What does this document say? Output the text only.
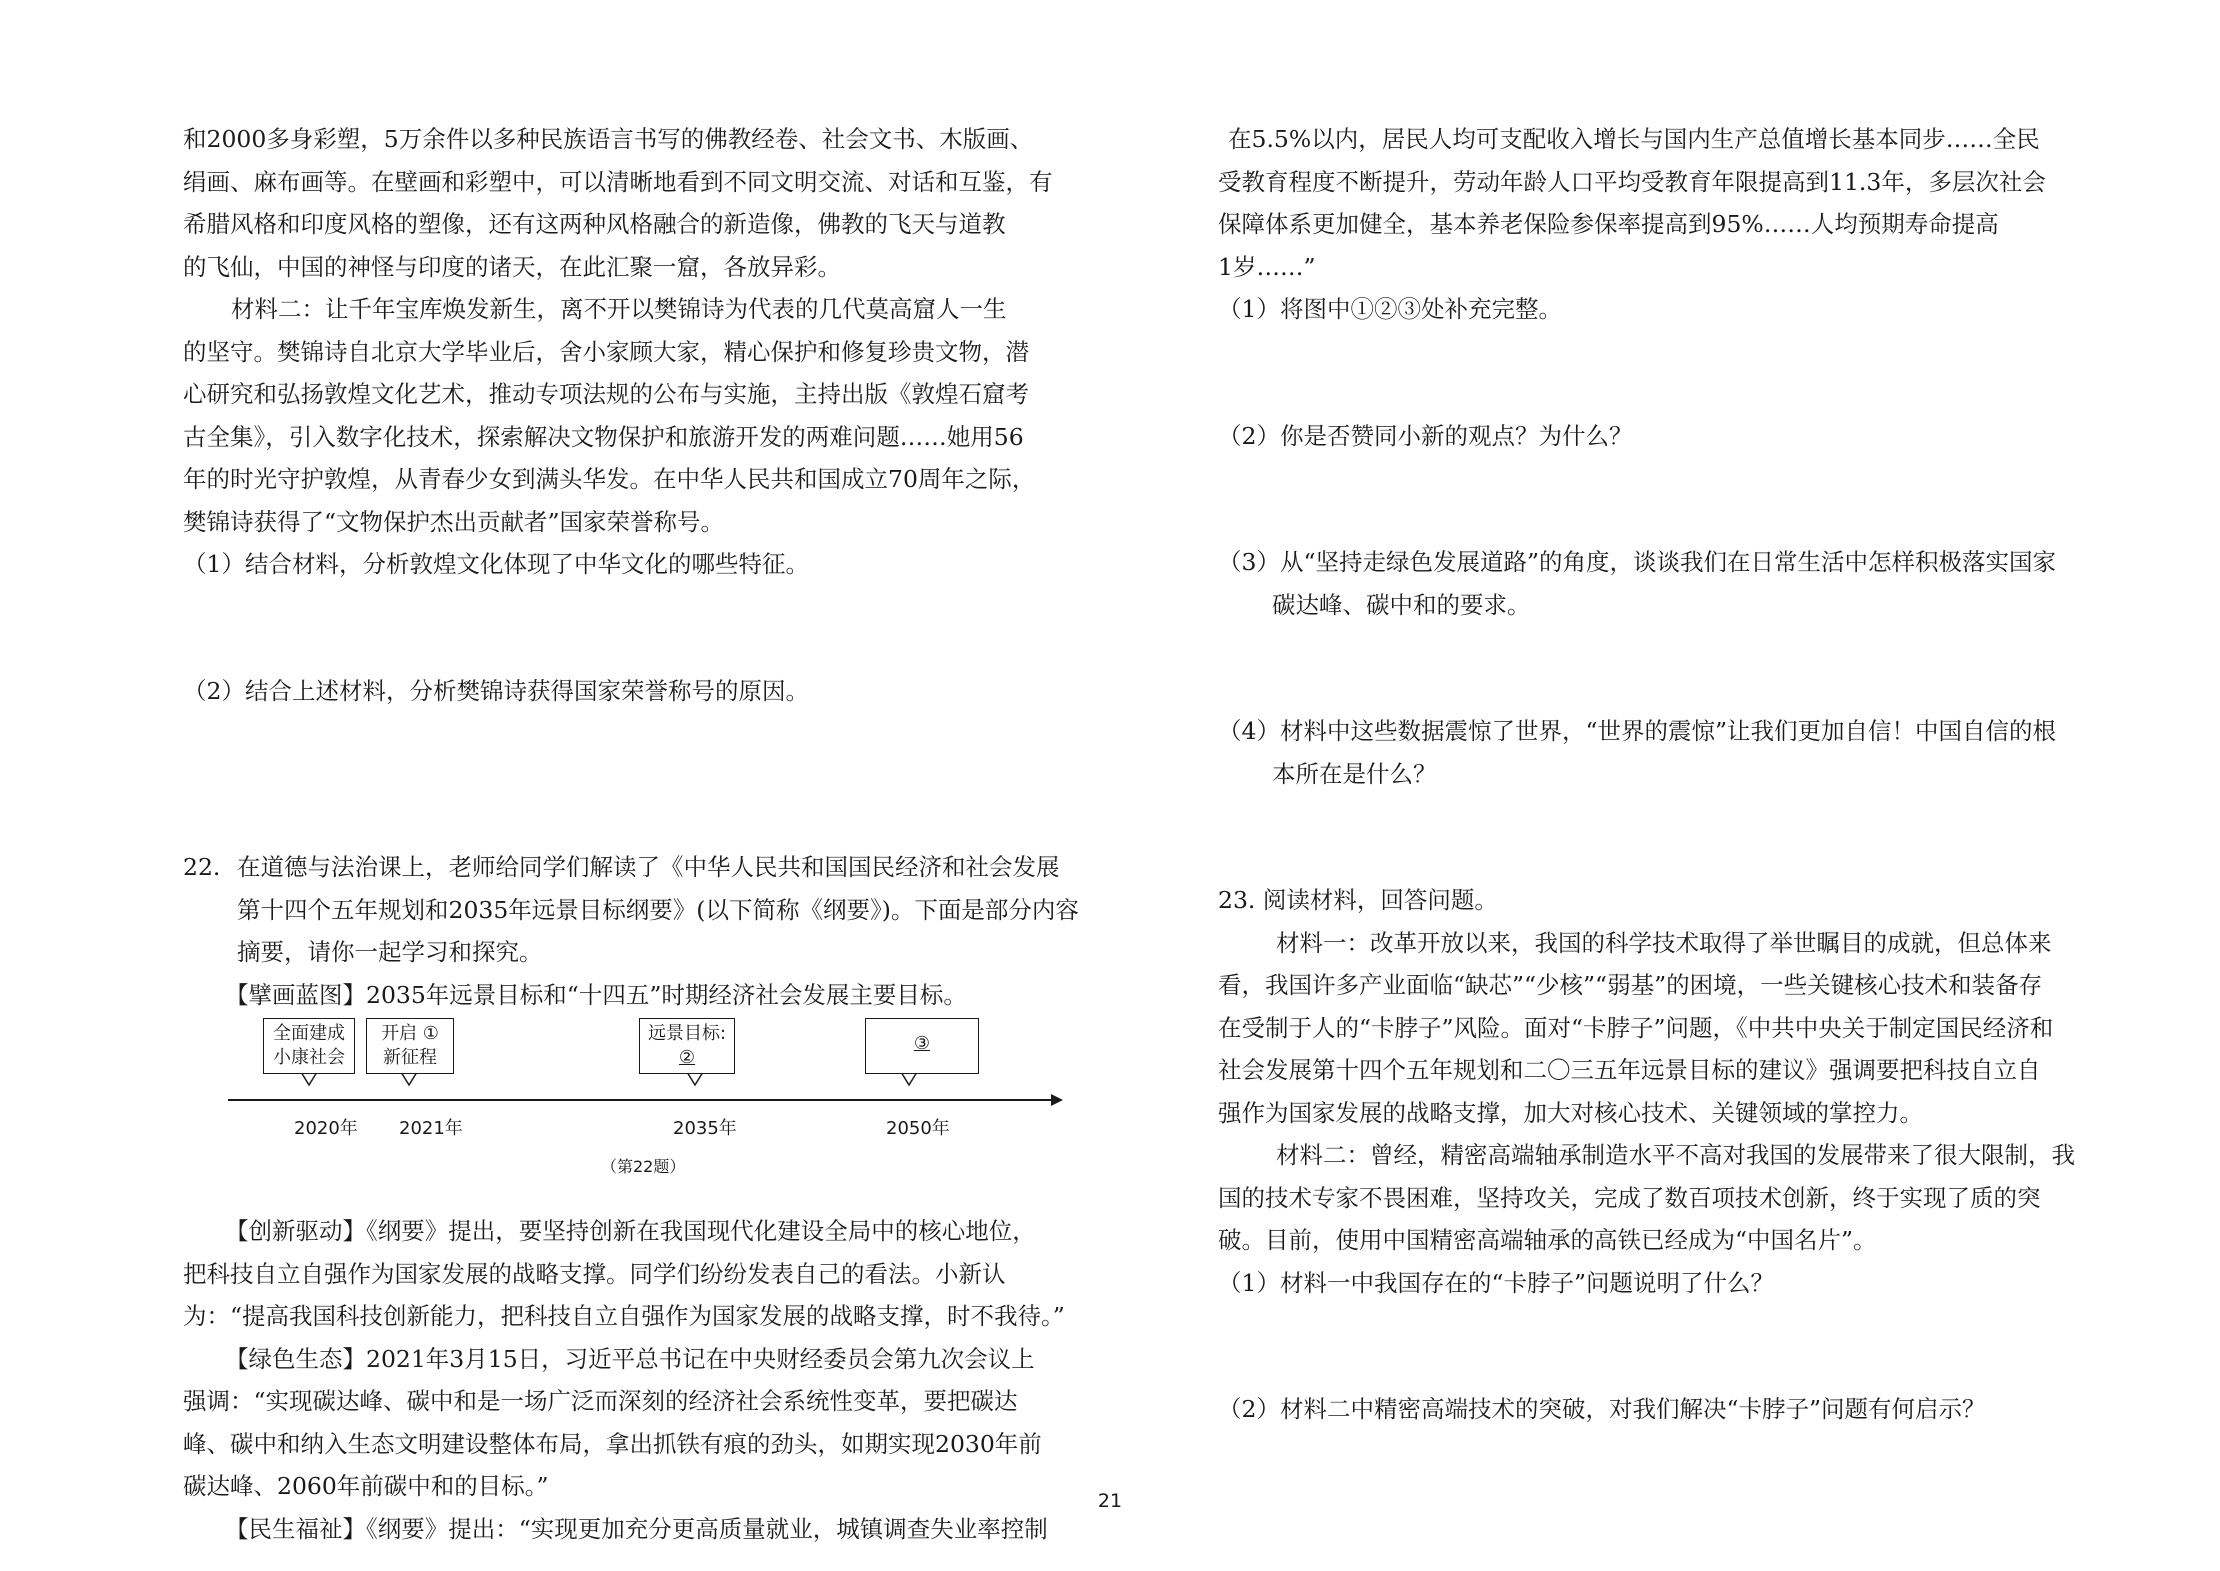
和2000多身彩塑，5万余件以多种民族语言书写的佛教经卷、社会文书、木版画、
绢画、麻布画等。在壁画和彩塑中，可以清晰地看到不同文明交流、对话和互鉴，有
希腊风格和印度风格的塑像，还有这两种风格融合的新造像，佛教的飞天与道教
的飞仙，中国的神怪与印度的诸天，在此汇聚一窟，各放异彩。
材料二：让千年宝库焕发新生，离不开以樊锦诗为代表的几代莫高窟人一生
的坚守。樊锦诗自北京大学毕业后，舍小家顾大家，精心保护和修复珍贵文物，潜
心研究和弘扬敦煌文化艺术，推动专项法规的公布与实施，主持出版《敦煌石窟考
古全集》，引入数字化技术，探索解决文物保护和旅游开发的两难问题……她用56
年的时光守护敦煌，从青春少女到满头华发。在中华人民共和国成立70周年之际，
樊锦诗获得了“文物保护杰出贡献者”国家荣誉称号。
（1）结合材料，分析敦煌文化体现了中华文化的哪些特征。
（2）结合上述材料，分析樊锦诗获得国家荣誉称号的原因。
22. 在道德与法治课上，老师给同学们解读了《中华人民共和国国民经济和社会发展
第十四个五年规划和2035年远景目标纲要》(以下简称《纲要》)。下面是部分内容
摘要，请你一起学习和探究。
【擘画蓝图】2035年远景目标和“十四五”时期经济社会发展主要目标。
全面建成
小康社会
开启 ①
新征程
远景目标:
②
③
2020年 2021年	2035年	2050年
（第22题）
【创新驱动】《纲要》提出，要坚持创新在我国现代化建设全局中的核心地位，
把科技自立自强作为国家发展的战略支撑。同学们纷纷发表自己的看法。小新认
为：“提高我国科技创新能力，把科技自立自强作为国家发展的战略支撑，时不我待。”
【绿色生态】2021年3月15日，习近平总书记在中央财经委员会第九次会议上
强调：“实现碳达峰、碳中和是一场广泛而深刻的经济社会系统性变革，要把碳达
峰、碳中和纳入生态文明建设整体布局，拿出抓铁有痕的劲头，如期实现2030年前
碳达峰、2060年前碳中和的目标。”
【民生福祉】《纲要》提出：“实现更加充分更高质量就业，城镇调查失业率控制
在5.5%以内，居民人均可支配收入增长与国内生产总值增长基本同步……全民
受教育程度不断提升，劳动年龄人口平均受教育年限提高到11.3年，多层次社会
保障体系更加健全，基本养老保险参保率提高到95%……人均预期寿命提高
1岁……”
（1）将图中①②③处补充完整。
（2）你是否赞同小新的观点？为什么？
（3）从“坚持走绿色发展道路”的角度，谈谈我们在日常生活中怎样积极落实国家
碳达峰、碳中和的要求。
（4）材料中这些数据震惊了世界，“世界的震惊”让我们更加自信！中国自信的根
本所在是什么？
23. 阅读材料，回答问题。
材料一：改革开放以来，我国的科学技术取得了举世瞩目的成就，但总体来
看，我国许多产业面临“缺芯”“少核”“弱基”的困境，一些关键核心技术和装备存
在受制于人的“卡脖子”风险。面对“卡脖子”问题，《中共中央关于制定国民经济和
社会发展第十四个五年规划和二〇三五年远景目标的建议》强调要把科技自立自
强作为国家发展的战略支撑，加大对核心技术、关键领域的掌控力。
材料二：曾经，精密高端轴承制造水平不高对我国的发展带来了很大限制，我
国的技术专家不畏困难，坚持攻关，完成了数百项技术创新，终于实现了质的突
破。目前，使用中国精密高端轴承的高铁已经成为“中国名片”。
（1）材料一中我国存在的“卡脖子”问题说明了什么？
（2）材料二中精密高端技术的突破，对我们解决“卡脖子”问题有何启示？
21
